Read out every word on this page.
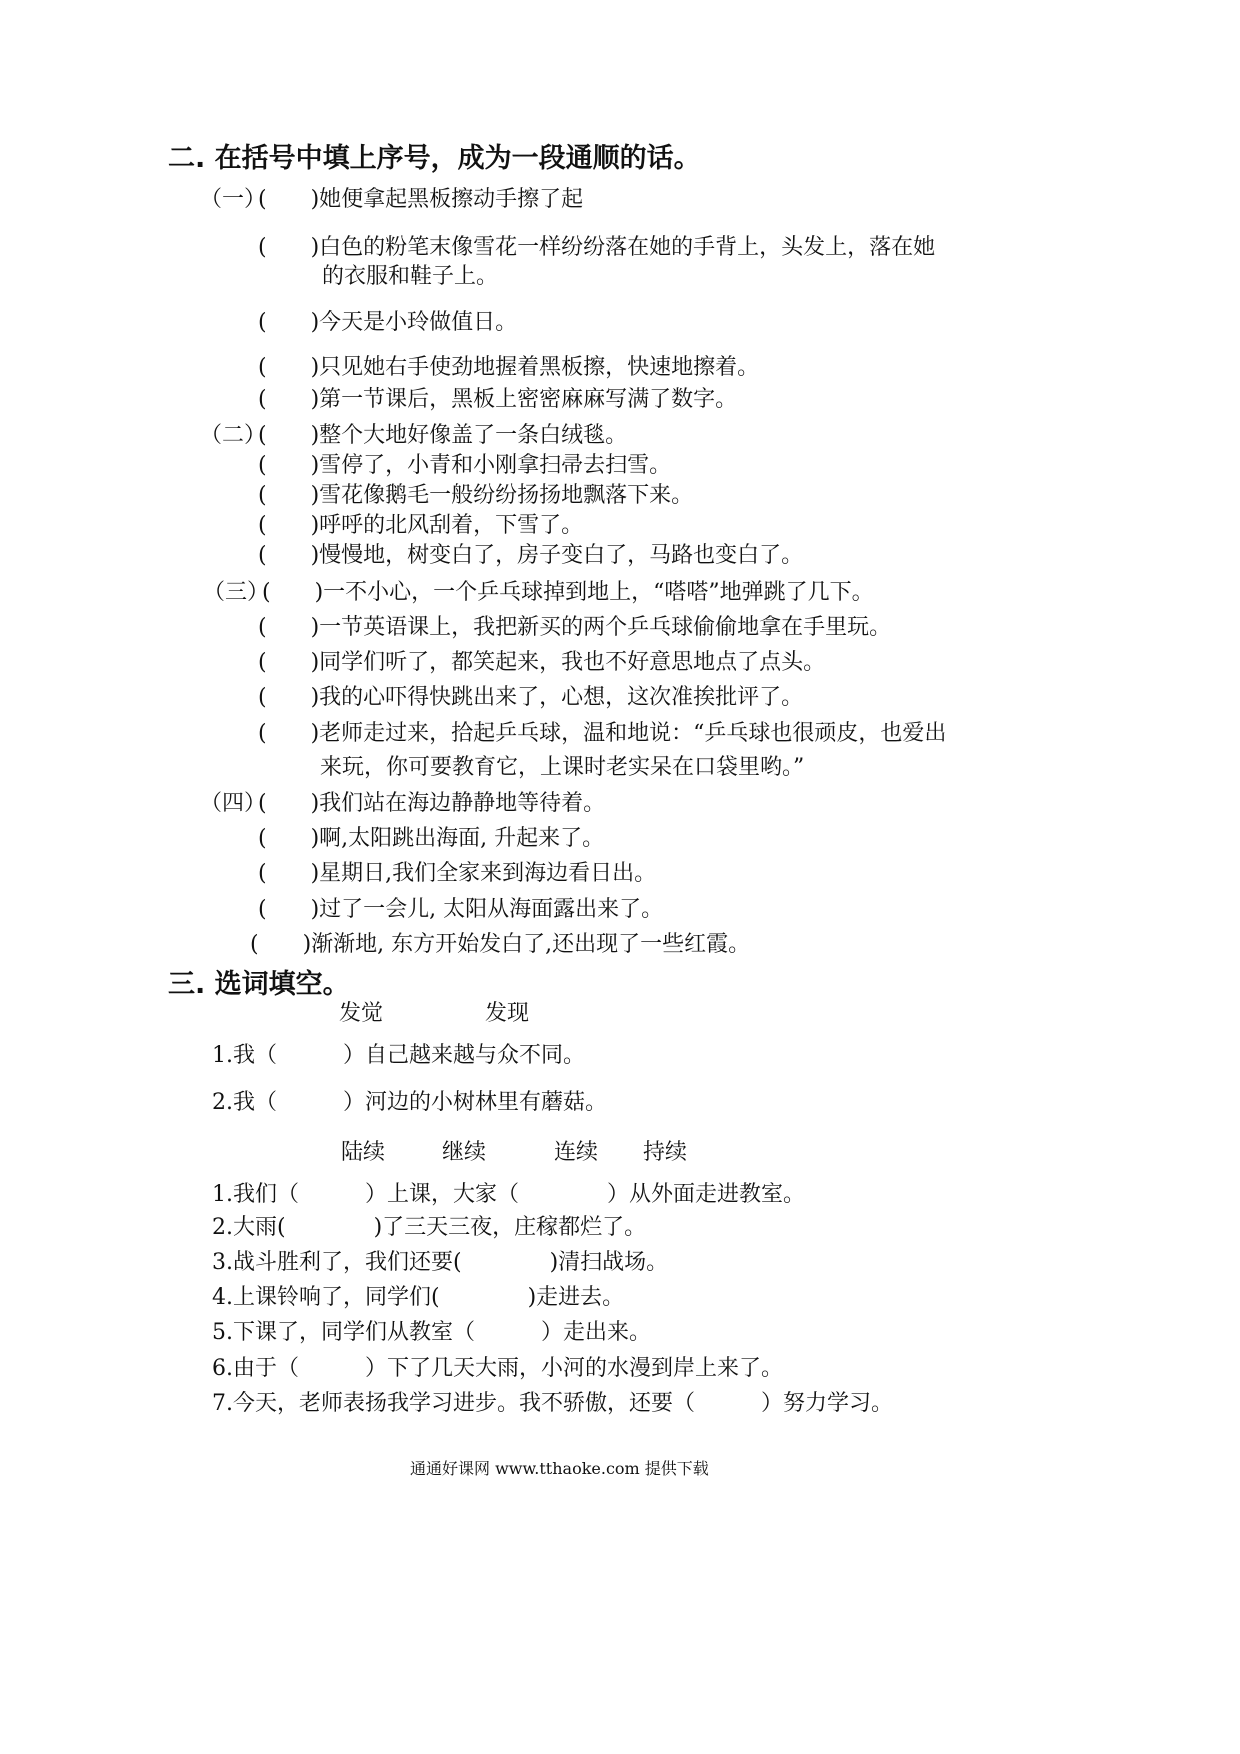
二. 在括号中填上序号，成为一段通顺的话。
（一）
(　　)她便拿起黑板擦动手擦了起
(　　)白色的粉笔末像雪花一样纷纷落在她的手背上，头发上，落在她
的衣服和鞋子上。
(　　)今天是小玲做值日。
(　　)只见她右手使劲地握着黑板擦，快速地擦着。
(　　)第一节课后，黑板上密密麻麻写满了数字。
（二）
(　　)整个大地好像盖了一条白绒毯。
(　　)雪停了，小青和小刚拿扫帚去扫雪。
(　　)雪花像鹅毛一般纷纷扬扬地飘落下来。
(　　)呼呼的北风刮着，下雪了。
(　　)慢慢地，树变白了，房子变白了，马路也变白了。
（三）
(　　)一不小心，一个乒乓球掉到地上，“嗒嗒”地弹跳了几下。
(　　)一节英语课上，我把新买的两个乒乓球偷偷地拿在手里玩。
(　　)同学们听了，都笑起来，我也不好意思地点了点头。
(　　)我的心吓得快跳出来了，心想，这次准挨批评了。
(　　)老师走过来，拾起乒乓球，温和地说：“乒乓球也很顽皮，也爱出
来玩，你可要教育它，上课时老实呆在口袋里哟。”
（四）
(　　)我们站在海边静静地等待着。
(　　)啊,太阳跳出海面, 升起来了。
(　　)星期日,我们全家来到海边看日出。
(　　)过了一会儿, 太阳从海面露出来了。
(　　)渐渐地, 东方开始发白了,还出现了一些红霞。
三. 选词填空。
发觉	发现
1.我（　　　）自己越来越与众不同。
2.我（　　　）河边的小树林里有蘑菇。
陆续	继续	连续 持续
1.我们（　　　）上课，大家（　　　　）从外面走进教室。
2.大雨(　　　　)了三天三夜，庄稼都烂了。
3.战斗胜利了，我们还要(　　　　)清扫战场。
4.上课铃响了，同学们(　　　　)走进去。
5.下课了，同学们从教室（　　　）走出来。
6.由于（　　　）下了几天大雨，小河的水漫到岸上来了。
7.今天，老师表扬我学习进步。我不骄傲，还要（　　　）努力学习。
通通好课网 www.tthaoke.com 提供下载
